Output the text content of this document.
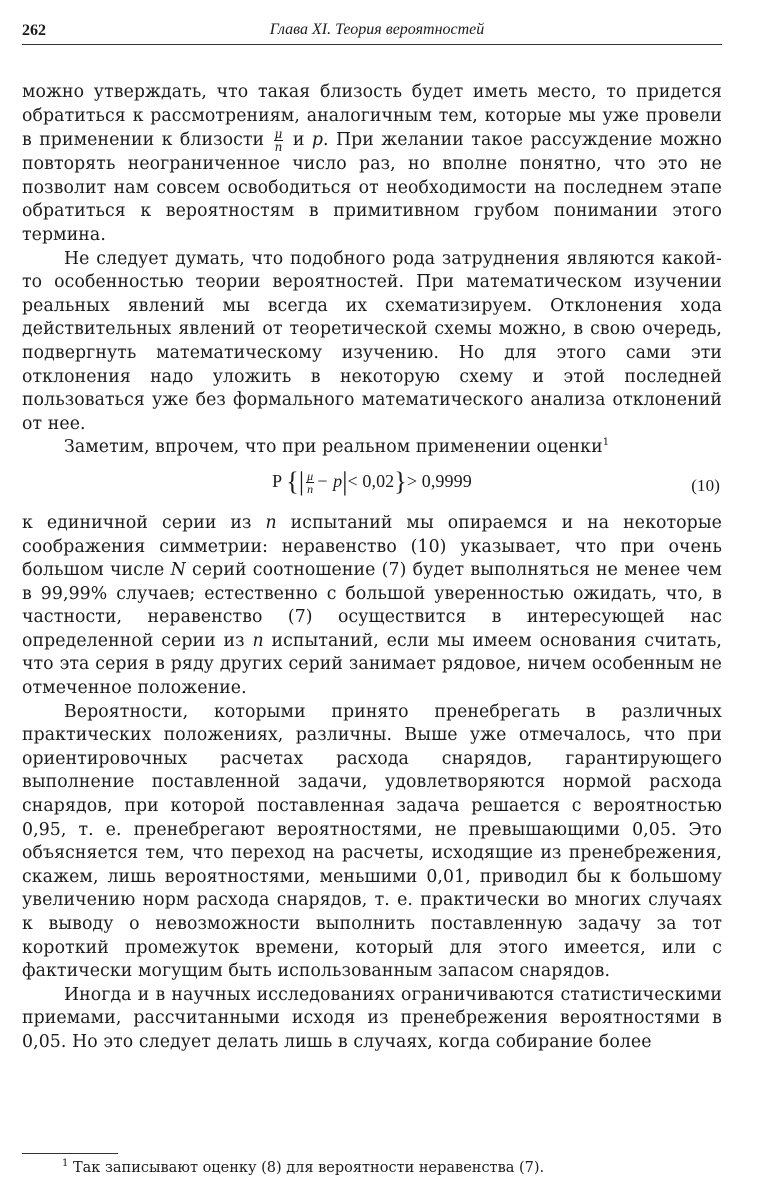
262	Глава XI. Теория вероятностей

можно утверждать, что такая близость будет иметь место, то придется обратиться к рассмотрениям, аналогичным тем, которые мы уже провели в применении к близости $\frac{\mu}{n}$ и p. При желании такое рассуждение можно повторять неограниченное число раз, но вполне понятно, что это не позволит нам совсем освободиться от необходимости на последнем этапе обратиться к вероятностям в примитивном грубом понимании этого термина.

Не следует думать, что подобного рода затруднения являются какой-то особенностью теории вероятностей. При математическом изучении реальных явлений мы всегда их схематизируем. Отклонения хода действительных явлений от теоретической схемы можно, в свою очередь, подвергнуть математическому изучению. Но для этого сами эти отклонения надо уложить в некоторую схему и этой последней пользоваться уже без формального математического анализа отклонений от нее.

Заметим, впрочем, что при реальном применении оценки$^1$

P {| $\frac{\mu}{n} - p|< 0,02\}> 0,9999$	(10)

к единичной серии из n испытаний мы опираемся и на некоторые соображения симметрии: неравенство (10) указывает, что при очень большом числе N серий соотношение (7) будет выполняться не менее чем в 99,99% случаев; естественно с большой уверенностью ожидать, что, в частности, неравенство (7) осуществится в интересующей нас определенной серии из n испытаний, если мы имеем основания считать, что эта серия в ряду других серий занимает рядовое, ничем особенным не отмеченное положение.

Вероятности, которыми принято пренебрегать в различных практических положениях, различны. Выше уже отмечалось, что при ориентировочных расчетах расхода снарядов, гарантирующего выполнение поставленной задачи, удовлетворяются нормой расхода снарядов, при которой поставленная задача решается с вероятностью 0,95, т. е. пренебрегают вероятностями, не превышающими 0,05. Это объясняется тем, что переход на расчеты, исходящие из пренебрежения, скажем, лишь вероятностями, меньшими 0,01, приводил бы к большому увеличению норм расхода снарядов, т. е. практически во многих случаях к выводу о невозможности выполнить поставленную задачу за тот короткий промежуток времени, который для этого имеется, или с фактически могущим быть использованным запасом снарядов.

Иногда и в научных исследованиях ограничиваются статистическими приемами, рассчитанными исходя из пренебрежения вероятностями в 0,05. Но это следует делать лишь в случаях, когда собирание более

$^1$ Так записывают оценку (8) для вероятности неравенства (7).
